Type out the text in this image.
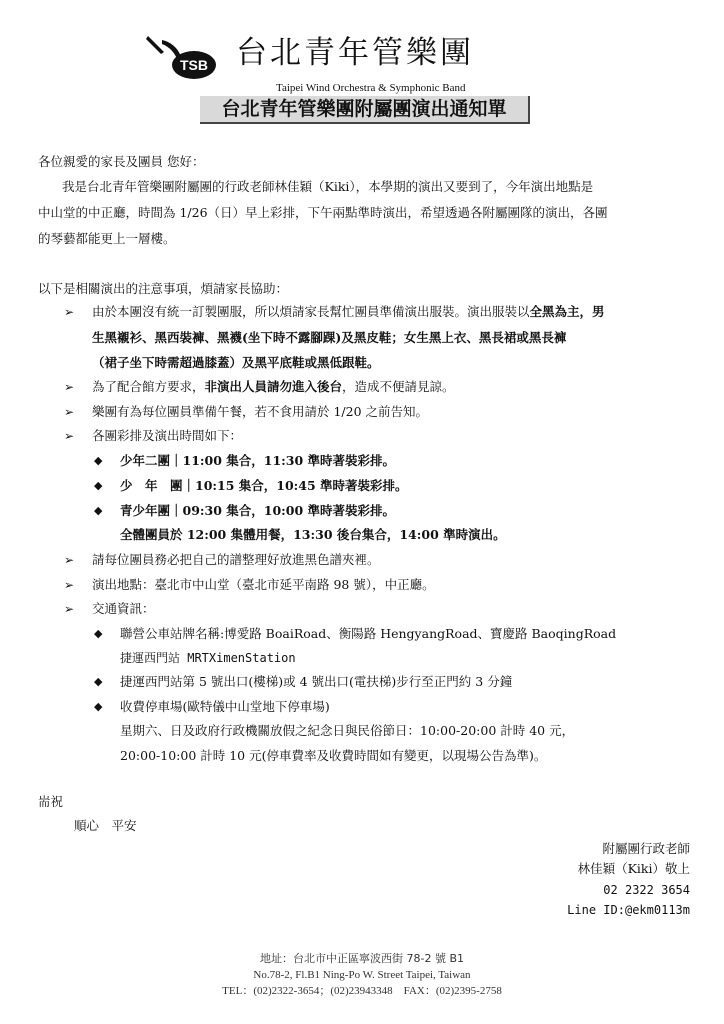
TSB 台北青年管樂團
Taipei Wind Orchestra & Symphonic Band
台北青年管樂團附屬團演出通知單
各位親愛的家長及團員 您好：
我是台北青年管樂團附屬團的行政老師林佳穎（Kiki），本學期的演出又要到了，今年演出地點是
中山堂的中正廳，時間為 1/26（日）早上彩排，下午兩點準時演出，希望透過各附屬團隊的演出，各團
的琴藝都能更上一層樓。
以下是相關演出的注意事項，煩請家長協助：
➢ 由於本團沒有統一訂製團服，所以煩請家長幫忙團員準備演出服裝。演出服裝以全黑為主，男
生黑襯衫、黑西裝褲、黑襪(坐下時不露腳踝)及黑皮鞋；女生黑上衣、黑長裙或黑長褲
（裙子坐下時需超過膝蓋）及黑平底鞋或黑低跟鞋。
➢ 為了配合館方要求，非演出人員請勿進入後台，造成不便請見諒。
➢ 樂團有為每位團員準備午餐，若不食用請於 1/20 之前告知。
➢ 各團彩排及演出時間如下：
◆ 少年二團｜11:00 集合，11:30 準時著裝彩排。
◆ 少　年　團｜10:15 集合，10:45 準時著裝彩排。
◆ 青少年團｜09:30 集合，10:00 準時著裝彩排。
全體團員於 12:00 集體用餐，13:30 後台集合，14:00 準時演出。
➢ 請每位團員務必把自己的譜整理好放進黑色譜夾裡。
➢ 演出地點：臺北市中山堂（臺北市延平南路 98 號），中正廳。
➢ 交通資訊：
◆ 聯營公車站牌名稱:博愛路 BoaiRoad、衡陽路 HengyangRoad、寶慶路 BaoqingRoad
捷運西門站 MRTXimenStation
◆ 捷運西門站第 5 號出口(樓梯)或 4 號出口(電扶梯)步行至正門約 3 分鐘
◆ 收費停車場(歐特儀中山堂地下停車場)
星期六、日及政府行政機關放假之紀念日與民俗節日：10:00-20:00 計時 40 元，
20:00-10:00 計時 10 元(停車費率及收費時間如有變更，以現場公告為準)。
耑祝
順心　平安
附屬團行政老師
林佳穎（Kiki）敬上
02 2322 3654
Line ID:@ekm0113m
地址：台北市中正區寧波西街 78-2 號 B1
No.78-2, Fl.B1 Ning-Po W. Street Taipei, Taiwan
TEL：(02)2322-3654；(02)23943348　FAX：(02)2395-2758
